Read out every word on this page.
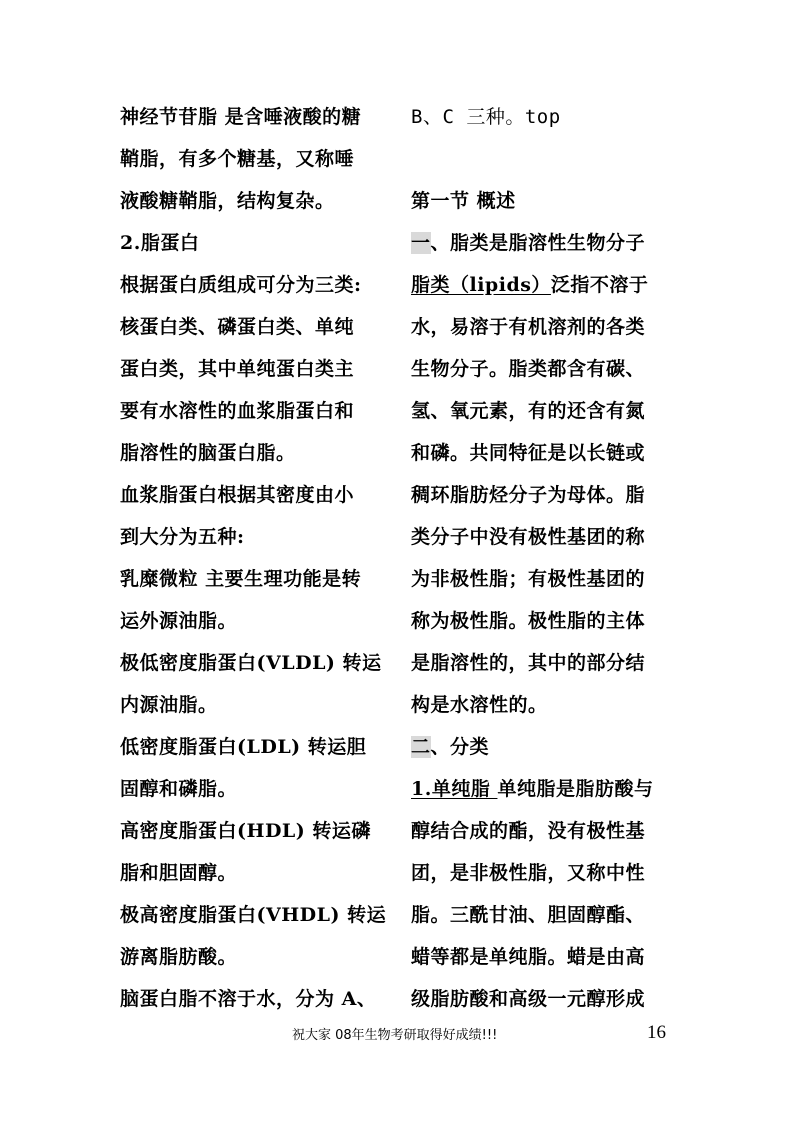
神经节苷脂 是含唾液酸的糖
鞘脂，有多个糖基，又称唾
液酸糖鞘脂，结构复杂。
2.脂蛋白
根据蛋白质组成可分为三类:
核蛋白类、磷蛋白类、单纯
蛋白类，其中单纯蛋白类主
要有水溶性的血浆脂蛋白和
脂溶性的脑蛋白脂。
血浆脂蛋白根据其密度由小
到大分为五种:
乳糜微粒 主要生理功能是转
运外源油脂。
极低密度脂蛋白(VLDL) 转运
内源油脂。
低密度脂蛋白(LDL) 转运胆
固醇和磷脂。
高密度脂蛋白(HDL) 转运磷
脂和胆固醇。
极高密度脂蛋白(VHDL) 转运
游离脂肪酸。
脑蛋白脂不溶于水，分为 A、
B、C 三种。top
第一节 概述
一、脂类是脂溶性生物分子
脂类（lipids）泛指不溶于
水，易溶于有机溶剂的各类
生物分子。脂类都含有碳、
氢、氧元素，有的还含有氮
和磷。共同特征是以长链或
稠环脂肪烃分子为母体。脂
类分子中没有极性基团的称
为非极性脂；有极性基团的
称为极性脂。极性脂的主体
是脂溶性的，其中的部分结
构是水溶性的。
二、分类
1.单纯脂 单纯脂是脂肪酸与
醇结合成的酯，没有极性基
团，是非极性脂，又称中性
脂。三酰甘油、胆固醇酯、
蜡等都是单纯脂。蜡是由高
级脂肪酸和高级一元醇形成
祝大家 08年生物考研取得好成绩!!!	16
